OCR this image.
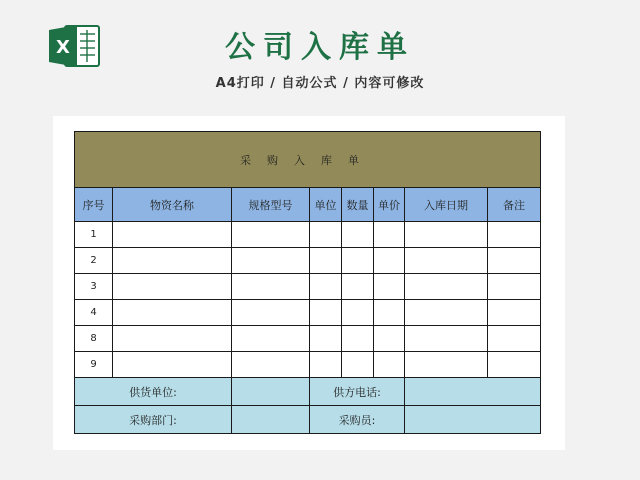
X	公司入库单
A4打印 / 自动公式 / 内容可修改
采购入库单							
序号	物资名称	规格型号	单位	数量	单价	入库日期	备注
1							
2							
3							
4							
8							
9							
供货单位:			供方电话:				
采购部门:			采购员:				
